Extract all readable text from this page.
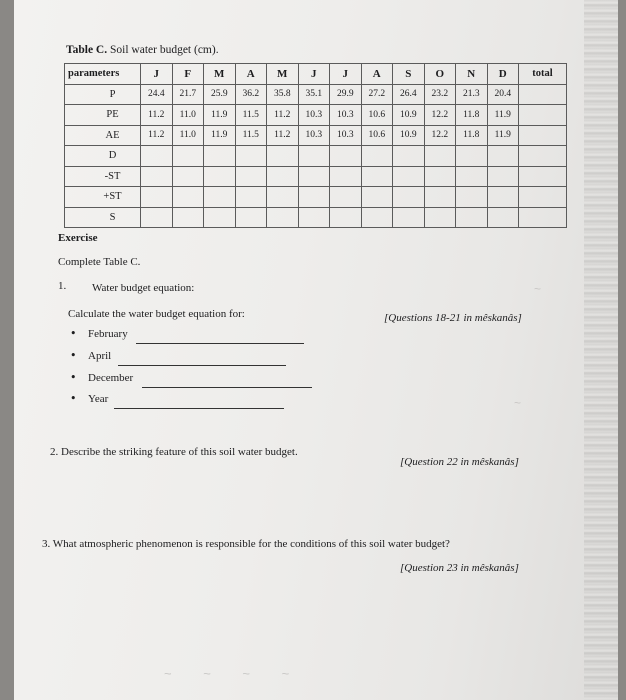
Table C. Soil water budget (cm).
parameters	J	F	M	A	M	J	J	A	S	O	N	D	total
P	24.4	21.7	25.9	36.2	35.8	35.1	29.9	27.2	26.4	23.2	21.3	20.4	
PE	11.2	11.0	11.9	11.5	11.2	10.3	10.3	10.6	10.9	12.2	11.8	11.9	
AE	11.2	11.0	11.9	11.5	11.2	10.3	10.3	10.6	10.9	12.2	11.8	11.9	
D													
-ST													
+ST													
S													
Exercise
Complete Table C.
1. Water budget equation:
Calculate the water budget equation for:	[Questions 18-21 in mêskanâs]
• February
• April
• December
• Year
2. Describe the striking feature of this soil water budget.
[Question 22 in mêskanâs]
3. What atmospheric phenomenon is responsible for the conditions of this soil water budget?
[Question 23 in mêskanâs]
~
~
~ ~ ~ ~
